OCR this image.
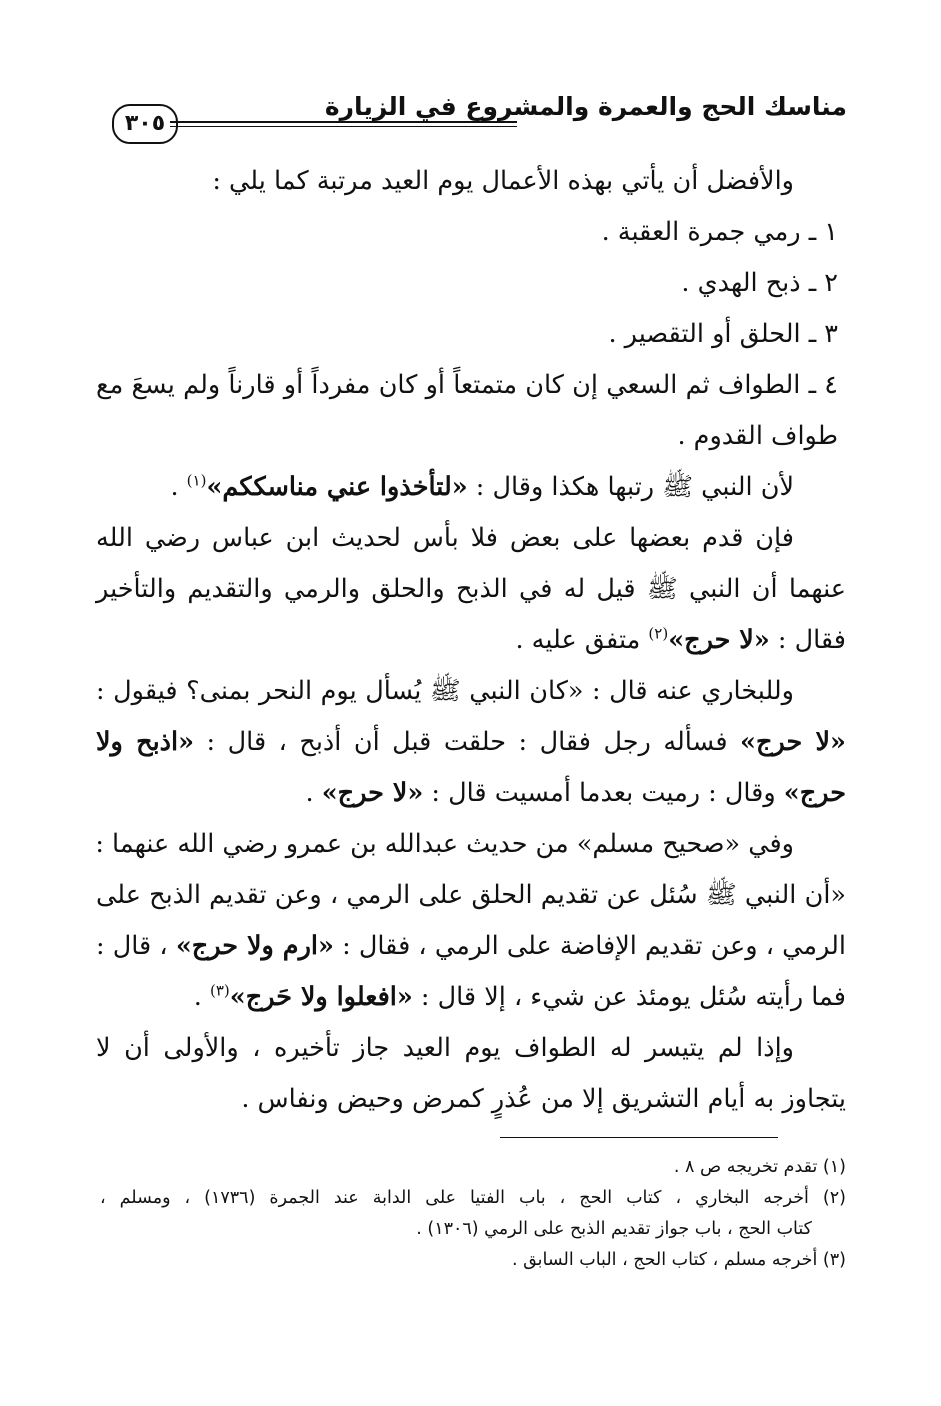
مناسك الحج والعمرة والمشروع في الزيارة
٣٠٥
والأفضل أن يأتي بهذه الأعمال يوم العيد مرتبة كما يلي :
١ ـ رمي جمرة العقبة .
٢ ـ ذبح الهدي .
٣ ـ الحلق أو التقصير .
٤ ـ الطواف ثم السعي إن كان متمتعاً أو كان مفرداً أو قارناً ولم يسعَ مع
طواف القدوم .
لأن النبي ﷺ رتبها هكذا وقال : «لتأخذوا عني مناسككم»$^{(١)}$ .
فإن قدم بعضها على بعض فلا بأس لحديث ابن عباس رضي الله
عنهما أن النبي ﷺ قيل له في الذبح والحلق والرمي والتقديم والتأخير
فقال : «لا حرج»$^{(٢)}$ متفق عليه .
وللبخاري عنه قال : «كان النبي ﷺ يُسأل يوم النحر بمنى؟ فيقول :
«لا حرج» فسأله رجل فقال : حلقت قبل أن أذبح ، قال : «اذبح ولا
حرج» وقال : رميت بعدما أمسيت قال : «لا حرج» .
وفي «صحيح مسلم» من حديث عبدالله بن عمرو رضي الله عنهما :
«أن النبي ﷺ سُئل عن تقديم الحلق على الرمي ، وعن تقديم الذبح على
الرمي ، وعن تقديم الإفاضة على الرمي ، فقال : «ارم ولا حرج» ، قال :
فما رأيته سُئل يومئذ عن شيء ، إلا قال : «افعلوا ولا حَرج»$^{(٣)}$ .
وإذا لم يتيسر له الطواف يوم العيد جاز تأخيره ، والأولى أن لا
يتجاوز به أيام التشريق إلا من عُذرٍ كمرض وحيض ونفاس .
(١) تقدم تخريجه ص ٨ .
(٢) أخرجه البخاري ، كتاب الحج ، باب الفتيا على الدابة عند الجمرة (١٧٣٦) ، ومسلم ،
كتاب الحج ، باب جواز تقديم الذبح على الرمي (١٣٠٦) .
(٣) أخرجه مسلم ، كتاب الحج ، الباب السابق .
